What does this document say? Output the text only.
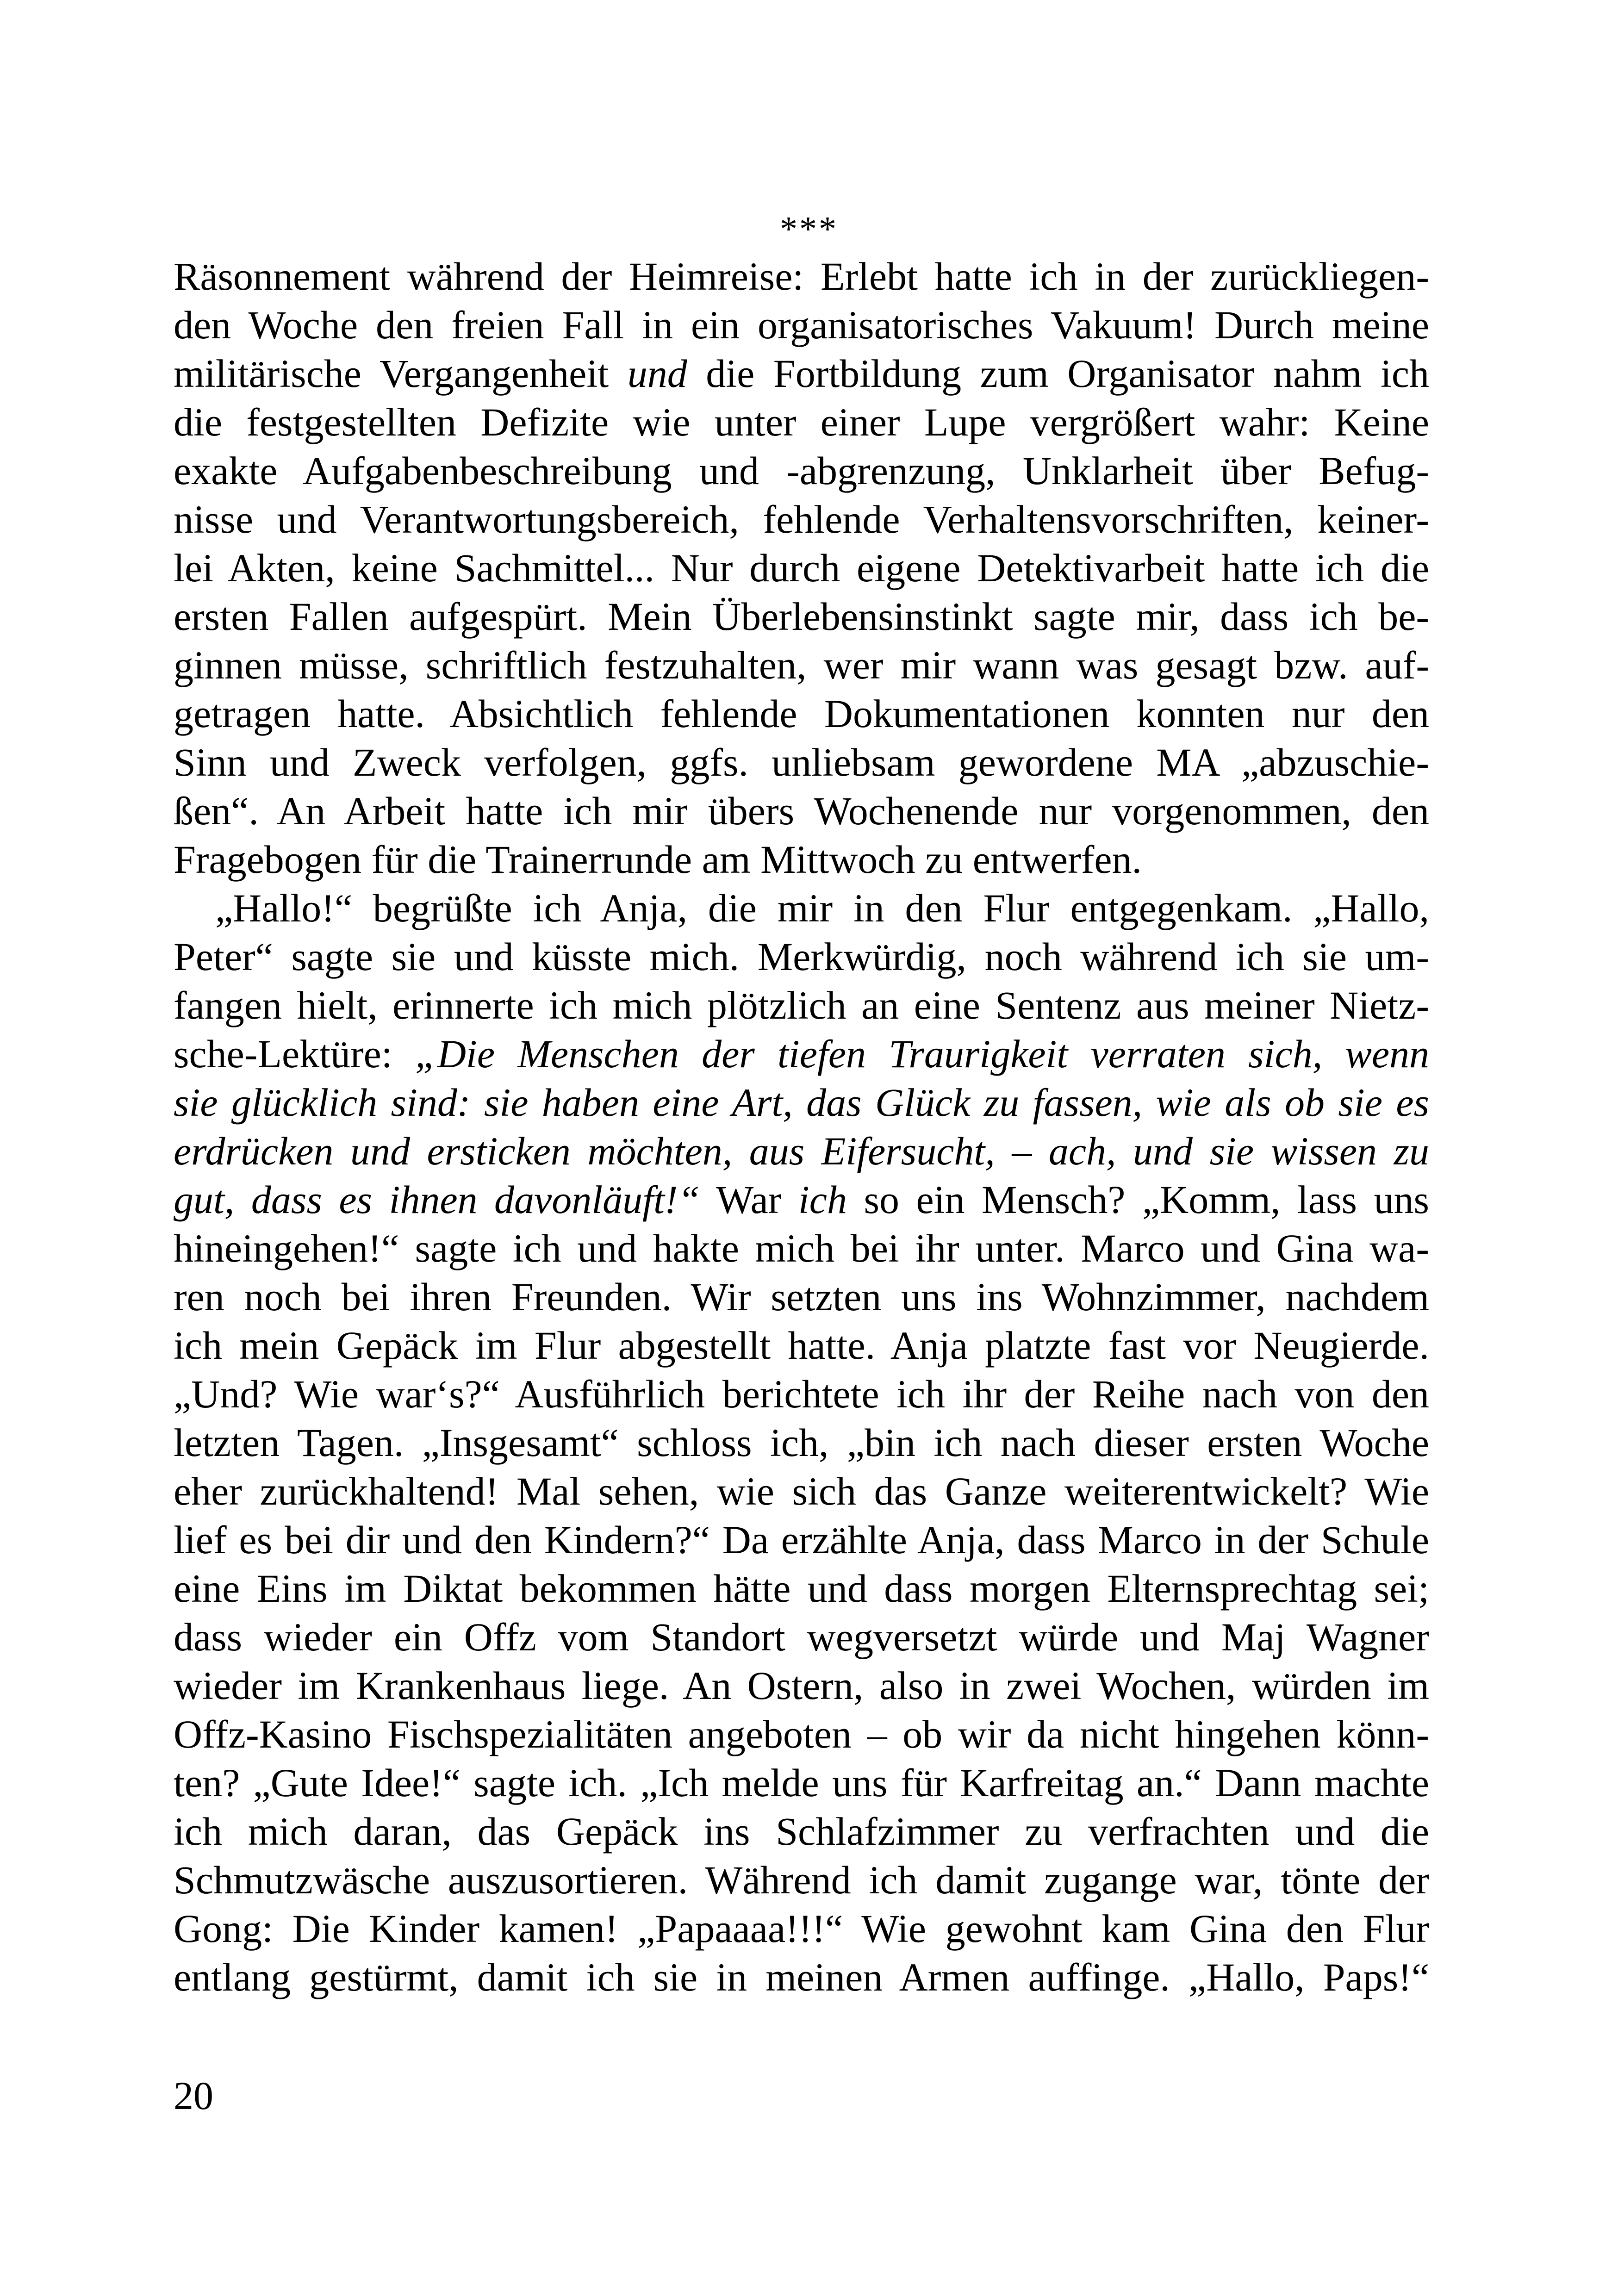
***

Räsonnement während der Heimreise: Erlebt hatte ich in der zurückliegen-
den Woche den freien Fall in ein organisatorisches Vakuum! Durch meine
militärische Vergangenheit und die Fortbildung zum Organisator nahm ich
die festgestellten Defizite wie unter einer Lupe vergrößert wahr: Keine
exakte Aufgabenbeschreibung und -abgrenzung, Unklarheit über Befug-
nisse und Verantwortungsbereich, fehlende Verhaltensvorschriften, keiner-
lei Akten, keine Sachmittel... Nur durch eigene Detektivarbeit hatte ich die
ersten Fallen aufgespürt. Mein Überlebensinstinkt sagte mir, dass ich be-
ginnen müsse, schriftlich festzuhalten, wer mir wann was gesagt bzw. auf-
getragen hatte. Absichtlich fehlende Dokumentationen konnten nur den
Sinn und Zweck verfolgen, ggfs. unliebsam gewordene MA „abzuschie-
ßen“. An Arbeit hatte ich mir übers Wochenende nur vorgenommen, den
Fragebogen für die Trainerrunde am Mittwoch zu entwerfen.

„Hallo!“ begrüßte ich Anja, die mir in den Flur entgegenkam. „Hallo,
Peter“ sagte sie und küsste mich. Merkwürdig, noch während ich sie um-
fangen hielt, erinnerte ich mich plötzlich an eine Sentenz aus meiner Nietz-
sche-Lektüre: „Die Menschen der tiefen Traurigkeit verraten sich, wenn
sie glücklich sind: sie haben eine Art, das Glück zu fassen, wie als ob sie es
erdrücken und ersticken möchten, aus Eifersucht, – ach, und sie wissen zu
gut, dass es ihnen davonläuft!“ War ich so ein Mensch? „Komm, lass uns
hineingehen!“ sagte ich und hakte mich bei ihr unter. Marco und Gina wa-
ren noch bei ihren Freunden. Wir setzten uns ins Wohnzimmer, nachdem
ich mein Gepäck im Flur abgestellt hatte. Anja platzte fast vor Neugierde.
„Und? Wie war‘s?“ Ausführlich berichtete ich ihr der Reihe nach von den
letzten Tagen. „Insgesamt“ schloss ich, „bin ich nach dieser ersten Woche
eher zurückhaltend! Mal sehen, wie sich das Ganze weiterentwickelt? Wie
lief es bei dir und den Kindern?“ Da erzählte Anja, dass Marco in der Schule
eine Eins im Diktat bekommen hätte und dass morgen Elternsprechtag sei;
dass wieder ein Offz vom Standort wegversetzt würde und Maj Wagner
wieder im Krankenhaus liege. An Ostern, also in zwei Wochen, würden im
Offz-Kasino Fischspezialitäten angeboten – ob wir da nicht hingehen könn-
ten? „Gute Idee!“ sagte ich. „Ich melde uns für Karfreitag an.“ Dann machte
ich mich daran, das Gepäck ins Schlafzimmer zu verfrachten und die
Schmutzwäsche auszusortieren. Während ich damit zugange war, tönte der
Gong: Die Kinder kamen! „Papaaaa!!!“ Wie gewohnt kam Gina den Flur
entlang gestürmt, damit ich sie in meinen Armen auffinge. „Hallo, Paps!“

20
